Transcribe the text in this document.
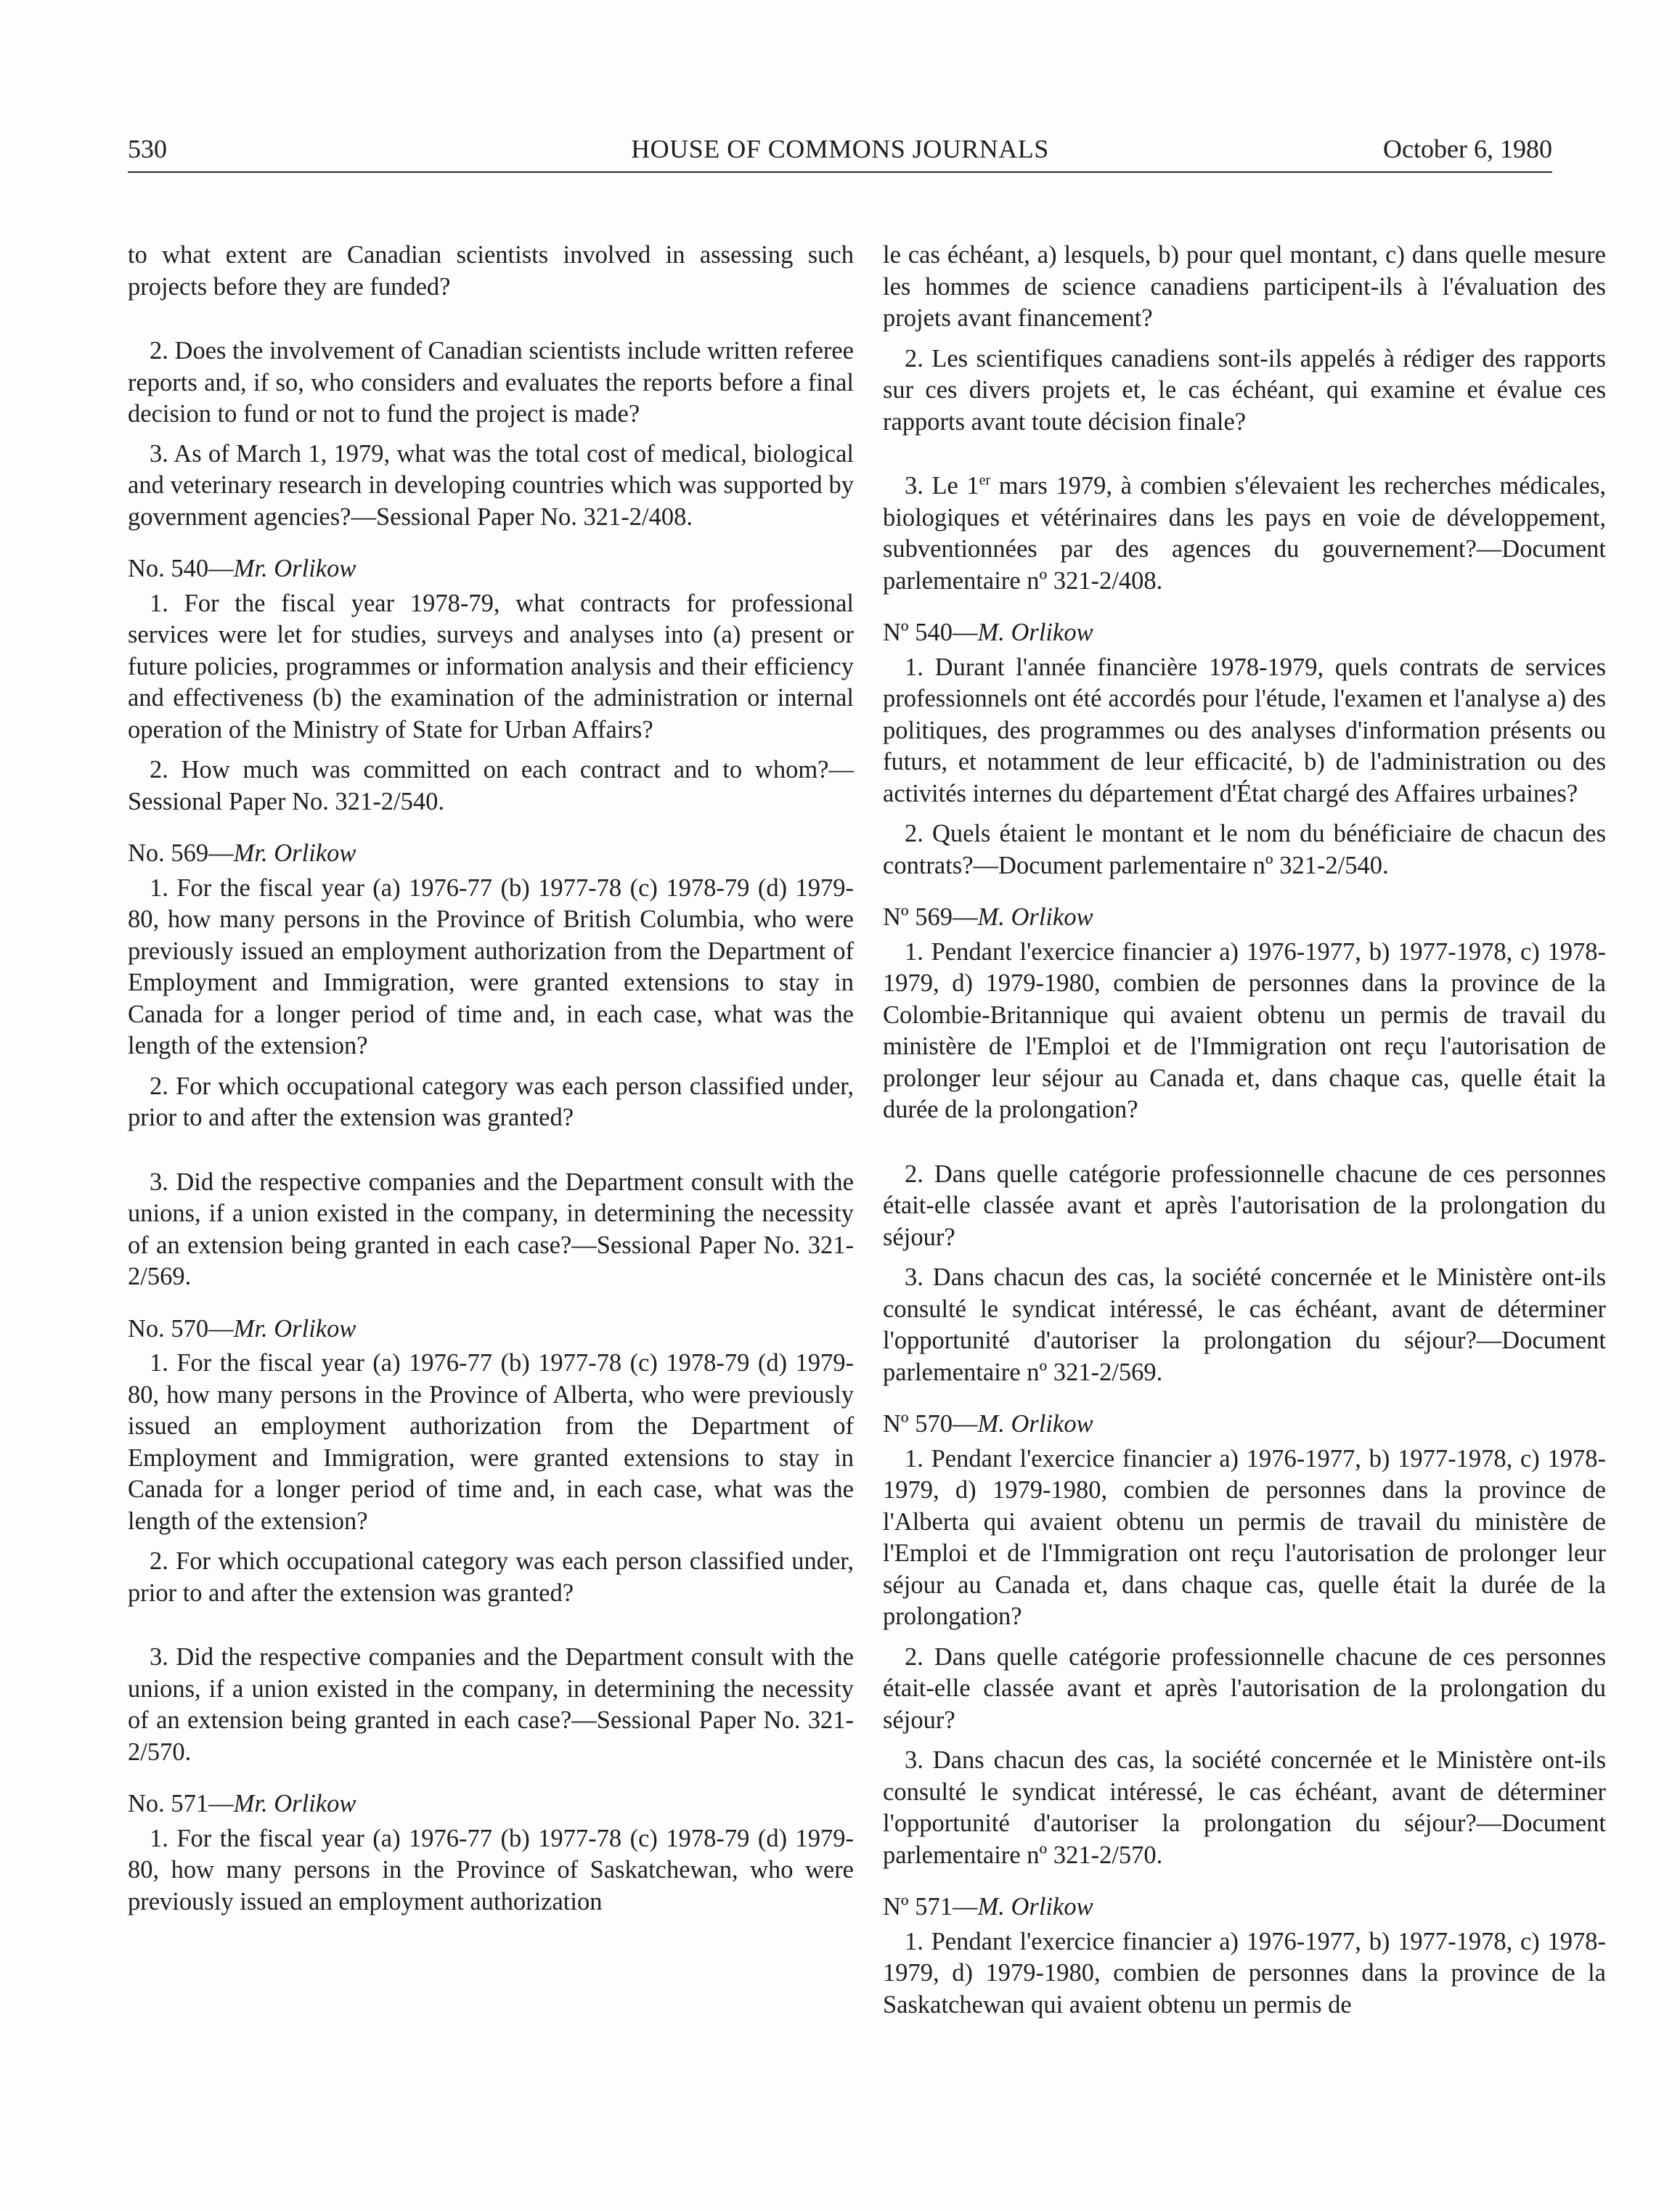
530	HOUSE OF COMMONS JOURNALS	October 6, 1980

to what extent are Canadian scientists involved in assessing such projects before they are funded?

2. Does the involvement of Canadian scientists include written referee reports and, if so, who considers and evaluates the reports before a final decision to fund or not to fund the project is made?

3. As of March 1, 1979, what was the total cost of medical, biological and veterinary research in developing countries which was supported by government agencies?—Sessional Paper No. 321-2/408.

No. 540—Mr. Orlikow

1. For the fiscal year 1978-79, what contracts for professional services were let for studies, surveys and analyses into (a) present or future policies, programmes or information analysis and their efficiency and effectiveness (b) the examination of the administration or internal operation of the Ministry of State for Urban Affairs?

2. How much was committed on each contract and to whom?—Sessional Paper No. 321-2/540.

No. 569—Mr. Orlikow

1. For the fiscal year (a) 1976-77 (b) 1977-78 (c) 1978-79 (d) 1979-80, how many persons in the Province of British Columbia, who were previously issued an employment authorization from the Department of Employment and Immigration, were granted extensions to stay in Canada for a longer period of time and, in each case, what was the length of the extension?

2. For which occupational category was each person classified under, prior to and after the extension was granted?

3. Did the respective companies and the Department consult with the unions, if a union existed in the company, in determining the necessity of an extension being granted in each case?—Sessional Paper No. 321-2/569.

No. 570—Mr. Orlikow

1. For the fiscal year (a) 1976-77 (b) 1977-78 (c) 1978-79 (d) 1979-80, how many persons in the Province of Alberta, who were previously issued an employment authorization from the Department of Employment and Immigration, were granted extensions to stay in Canada for a longer period of time and, in each case, what was the length of the extension?

2. For which occupational category was each person classified under, prior to and after the extension was granted?

3. Did the respective companies and the Department consult with the unions, if a union existed in the company, in determining the necessity of an extension being granted in each case?—Sessional Paper No. 321-2/570.

No. 571—Mr. Orlikow

1. For the fiscal year (a) 1976-77 (b) 1977-78 (c) 1978-79 (d) 1979-80, how many persons in the Province of Saskatchewan, who were previously issued an employment authorization

le cas échéant, a) lesquels, b) pour quel montant, c) dans quelle mesure les hommes de science canadiens participent-ils à l'évaluation des projets avant financement?

2. Les scientifiques canadiens sont-ils appelés à rédiger des rapports sur ces divers projets et, le cas échéant, qui examine et évalue ces rapports avant toute décision finale?

3. Le 1er mars 1979, à combien s'élevaient les recherches médicales, biologiques et vétérinaires dans les pays en voie de développement, subventionnées par des agences du gouvernement?—Document parlementaire nº 321-2/408.

Nº 540—M. Orlikow

1. Durant l'année financière 1978-1979, quels contrats de services professionnels ont été accordés pour l'étude, l'examen et l'analyse a) des politiques, des programmes ou des analyses d'information présents ou futurs, et notamment de leur efficacité, b) de l'administration ou des activités internes du département d'État chargé des Affaires urbaines?

2. Quels étaient le montant et le nom du bénéficiaire de chacun des contrats?—Document parlementaire nº 321-2/540.

Nº 569—M. Orlikow

1. Pendant l'exercice financier a) 1976-1977, b) 1977-1978, c) 1978-1979, d) 1979-1980, combien de personnes dans la province de la Colombie-Britannique qui avaient obtenu un permis de travail du ministère de l'Emploi et de l'Immigration ont reçu l'autorisation de prolonger leur séjour au Canada et, dans chaque cas, quelle était la durée de la prolongation?

2. Dans quelle catégorie professionnelle chacune de ces personnes était-elle classée avant et après l'autorisation de la prolongation du séjour?

3. Dans chacun des cas, la société concernée et le Ministère ont-ils consulté le syndicat intéressé, le cas échéant, avant de déterminer l'opportunité d'autoriser la prolongation du séjour?—Document parlementaire nº 321-2/569.

Nº 570—M. Orlikow

1. Pendant l'exercice financier a) 1976-1977, b) 1977-1978, c) 1978-1979, d) 1979-1980, combien de personnes dans la province de l'Alberta qui avaient obtenu un permis de travail du ministère de l'Emploi et de l'Immigration ont reçu l'autorisation de prolonger leur séjour au Canada et, dans chaque cas, quelle était la durée de la prolongation?

2. Dans quelle catégorie professionnelle chacune de ces personnes était-elle classée avant et après l'autorisation de la prolongation du séjour?

3. Dans chacun des cas, la société concernée et le Ministère ont-ils consulté le syndicat intéressé, le cas échéant, avant de déterminer l'opportunité d'autoriser la prolongation du séjour?—Document parlementaire nº 321-2/570.

Nº 571—M. Orlikow

1. Pendant l'exercice financier a) 1976-1977, b) 1977-1978, c) 1978-1979, d) 1979-1980, combien de personnes dans la province de la Saskatchewan qui avaient obtenu un permis de
